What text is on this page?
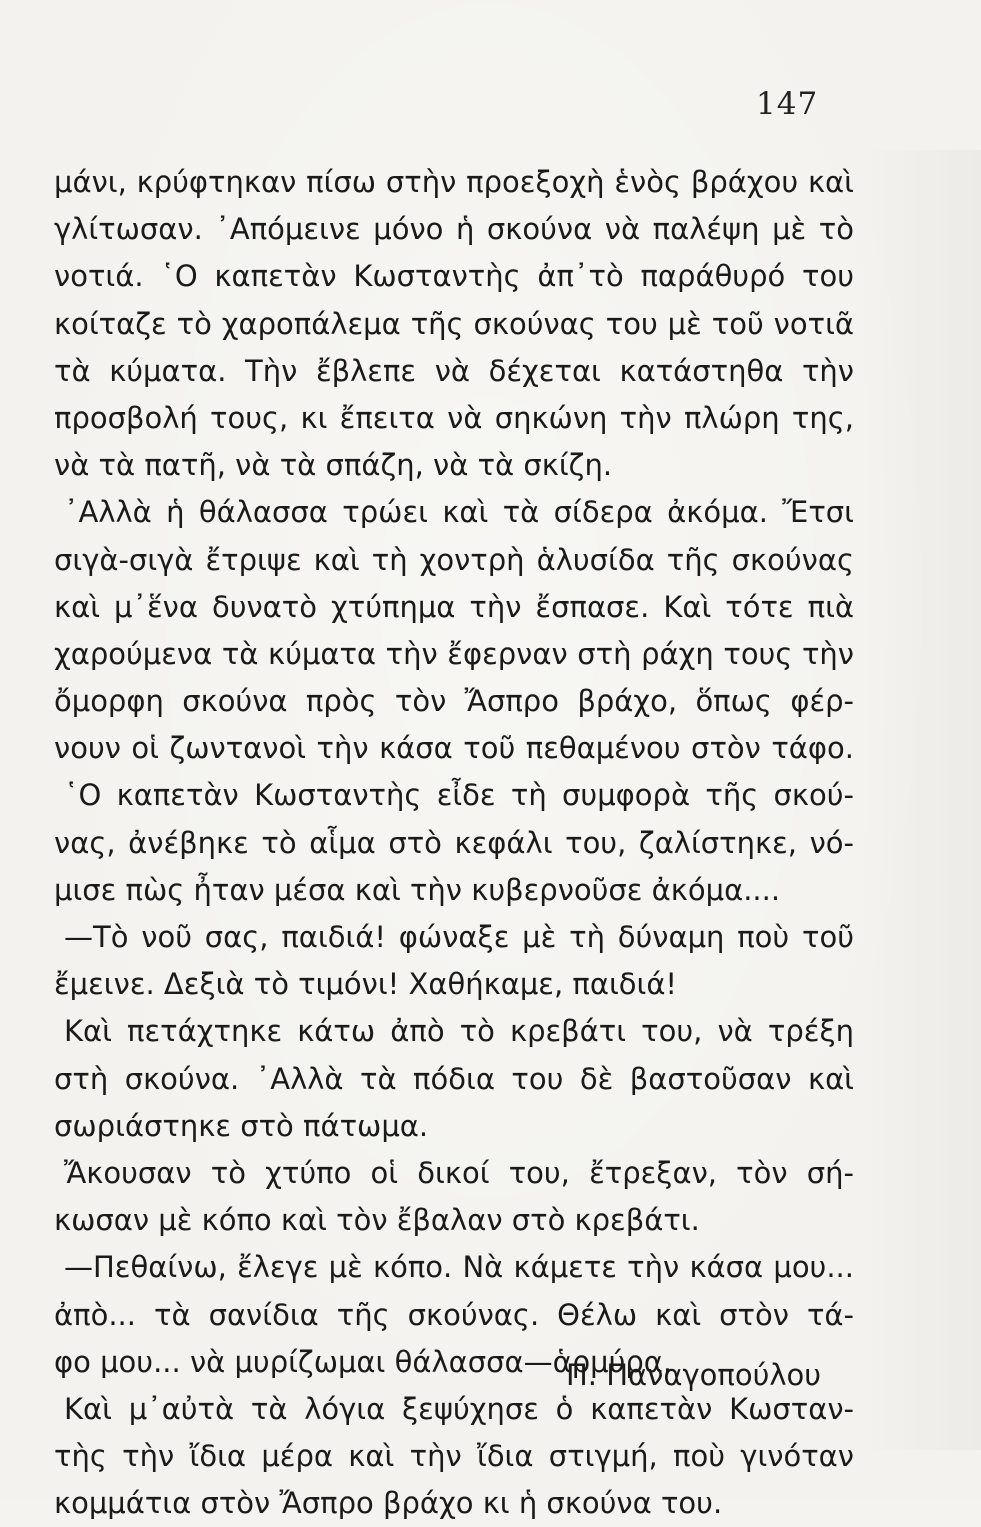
147
μάνι, κρύφτηκαν πίσω στὴν προεξοχὴ ἑνὸς βράχου καὶ
γλίτωσαν. ᾿Απόμεινε μόνο ἡ σκούνα νὰ παλέψη μὲ τὸ
νοτιά. ῾Ο καπετὰν Κωσταντὴς ἀπ᾿τὸ παράθυρό του
κοίταζε τὸ χαροπάλεμα τῆς σκούνας του μὲ τοῦ νοτιᾶ
τὰ κύματα. Τὴν ἔβλεπε νὰ δέχεται κατάστηθα τὴν
προσβολή τους, κι ἔπειτα νὰ σηκώνη τὴν πλώρη της,
νὰ τὰ πατῆ, νὰ τὰ σπάζη, νὰ τὰ σκίζη.
᾿Αλλὰ ἡ θάλασσα τρώει καὶ τὰ σίδερα ἀκόμα. Ἔτσι
σιγὰ-σιγὰ ἔτριψε καὶ τὴ χοντρὴ ἁλυσίδα τῆς σκούνας
καὶ μ᾿ἕνα δυνατὸ χτύπημα τὴν ἔσπασε. Καὶ τότε πιὰ
χαρούμενα τὰ κύματα τὴν ἔφερναν στὴ ράχη τους τὴν
ὄμορφη σκούνα πρὸς τὸν Ἄσπρο βράχο, ὅπως φέρ-
νουν οἱ ζωντανοὶ τὴν κάσα τοῦ πεθαμένου στὸν τάφο.
῾Ο καπετὰν Κωσταντὴς εἶδε τὴ συμφορὰ τῆς σκού-
νας, ἀνέβηκε τὸ αἷμα στὸ κεφάλι του, ζαλίστηκε, νό-
μισε πὼς ἦταν μέσα καὶ τὴν κυβερνοῦσε ἀκόμα....
—Τὸ νοῦ σας, παιδιά! φώναξε μὲ τὴ δύναμη ποὺ τοῦ
ἔμεινε. Δεξιὰ τὸ τιμόνι! Χαθήκαμε, παιδιά!
Καὶ πετάχτηκε κάτω ἀπὸ τὸ κρεβάτι του, νὰ τρέξη
στὴ σκούνα. ᾿Αλλὰ τὰ πόδια του δὲ βαστοῦσαν καὶ
σωριάστηκε στὸ πάτωμα.
Ἄκουσαν τὸ χτύπο οἱ δικοί του, ἔτρεξαν, τὸν σή-
κωσαν μὲ κόπο καὶ τὸν ἔβαλαν στὸ κρεβάτι.
—Πεθαίνω, ἔλεγε μὲ κόπο. Νὰ κάμετε τὴν κάσα μου...
ἀπὸ... τὰ σανίδια τῆς σκούνας. Θέλω καὶ στὸν τά-
φο μου... νὰ μυρίζωμαι θάλασσα—ἁρμύρα.
Καὶ μ᾿αὐτὰ τὰ λόγια ξεψύχησε ὁ καπετὰν Κωσταν-
τὴς τὴν ἴδια μέρα καὶ τὴν ἴδια στιγμή, ποὺ γινόταν
κομμάτια στὸν Ἄσπρο βράχο κι ἡ σκούνα του.
Π. Παναγοπούλου
